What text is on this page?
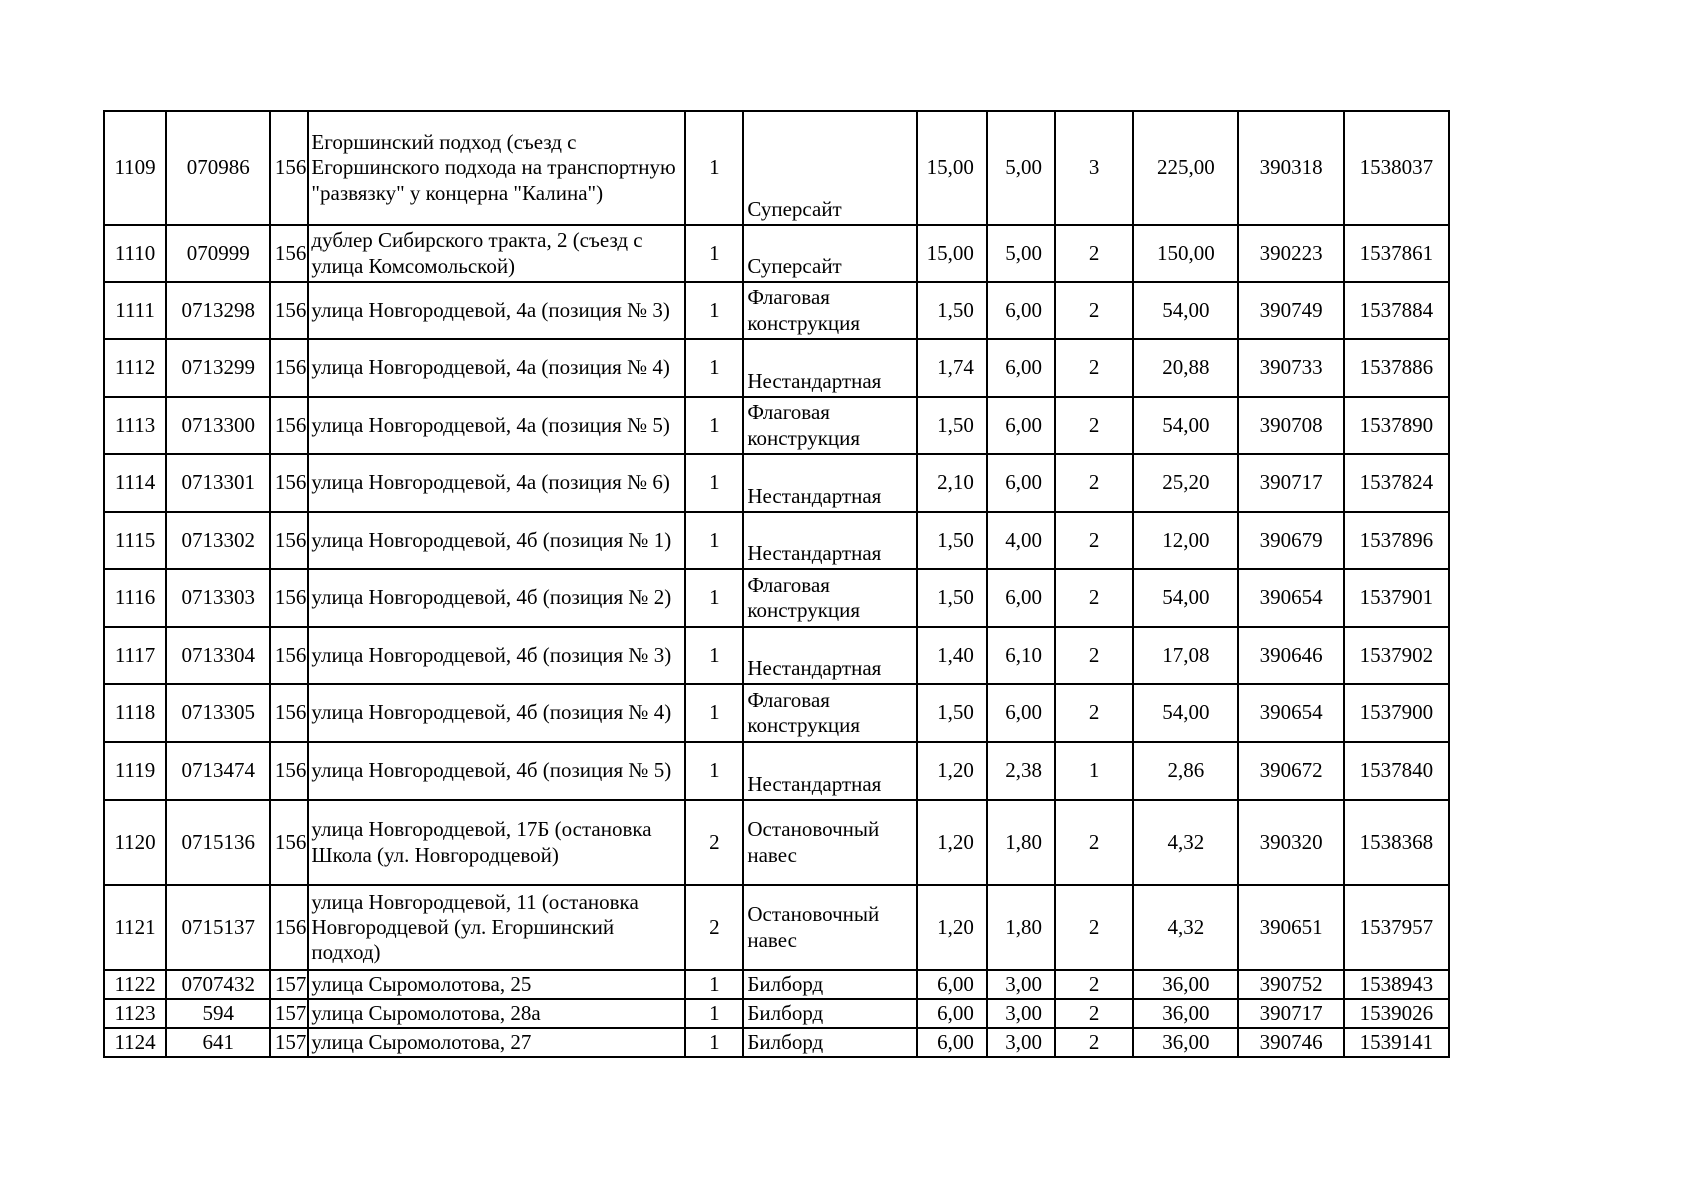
1109	070986	156	Егоршинский подход (съезд с Егоршинского подхода на транспортную "развязку" у концерна "Калина")	1	Суперсайт	15,00	5,00	3	225,00	390318	1538037
1110	070999	156	дублер Сибирского тракта, 2 (съезд с улица Комсомольской)	1	Суперсайт	15,00	5,00	2	150,00	390223	1537861
1111	0713298	156	улица Новгородцевой, 4а (позиция № 3)	1	Флаговая конструкция	1,50	6,00	2	54,00	390749	1537884
1112	0713299	156	улица Новгородцевой, 4а (позиция № 4)	1	Нестандартная	1,74	6,00	2	20,88	390733	1537886
1113	0713300	156	улица Новгородцевой, 4а (позиция № 5)	1	Флаговая конструкция	1,50	6,00	2	54,00	390708	1537890
1114	0713301	156	улица Новгородцевой, 4а (позиция № 6)	1	Нестандартная	2,10	6,00	2	25,20	390717	1537824
1115	0713302	156	улица Новгородцевой, 4б (позиция № 1)	1	Нестандартная	1,50	4,00	2	12,00	390679	1537896
1116	0713303	156	улица Новгородцевой, 4б (позиция № 2)	1	Флаговая конструкция	1,50	6,00	2	54,00	390654	1537901
1117	0713304	156	улица Новгородцевой, 4б (позиция № 3)	1	Нестандартная	1,40	6,10	2	17,08	390646	1537902
1118	0713305	156	улица Новгородцевой, 4б (позиция № 4)	1	Флаговая конструкция	1,50	6,00	2	54,00	390654	1537900
1119	0713474	156	улица Новгородцевой, 4б (позиция № 5)	1	Нестандартная	1,20	2,38	1	2,86	390672	1537840
1120	0715136	156	улица Новгородцевой, 17Б (остановка Школа (ул. Новгородцевой)	2	Остановочный навес	1,20	1,80	2	4,32	390320	1538368
1121	0715137	156	улица Новгородцевой, 11 (остановка Новгородцевой (ул. Егоршинский подход)	2	Остановочный навес	1,20	1,80	2	4,32	390651	1537957
1122	0707432	157	улица Сыромолотова, 25	1	Билборд	6,00	3,00	2	36,00	390752	1538943
1123	594	157	улица Сыромолотова, 28а	1	Билборд	6,00	3,00	2	36,00	390717	1539026
1124	641	157	улица Сыромолотова, 27	1	Билборд	6,00	3,00	2	36,00	390746	1539141
